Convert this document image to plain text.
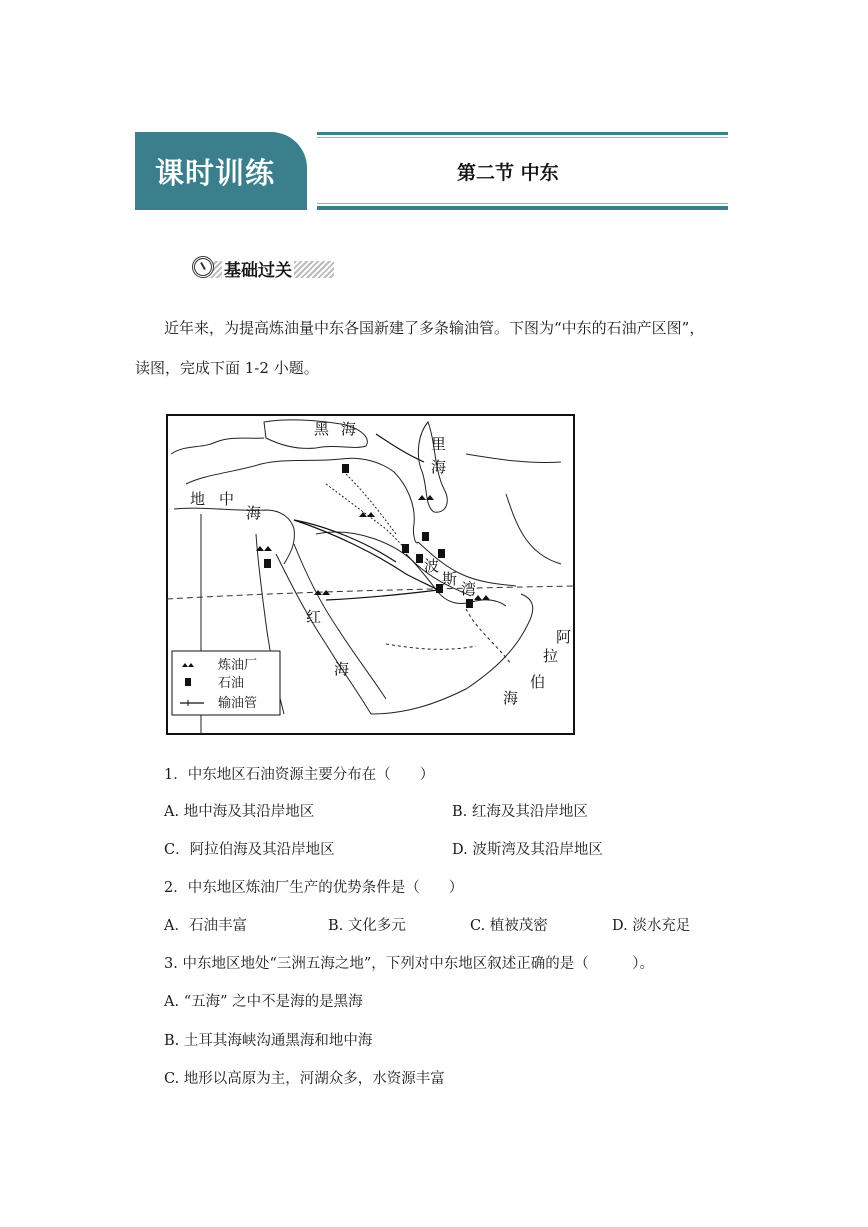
课时训练	第二节 中东
基础过关
近年来，为提高炼油量中东各国新建了多条输油管。下图为“中东的石油产区图”，
读图，完成下面 1-2 小题。
黑 海
里
海
地 中
海
波
斯
湾
红
海
阿
拉
伯
海
炼油厂
石油
输油管
1．中东地区石油资源主要分布在（　　）
A. 地中海及其沿岸地区	B. 红海及其沿岸地区
C．阿拉伯海及其沿岸地区	D. 波斯湾及其沿岸地区
2．中东地区炼油厂生产的优势条件是（　　）
A．石油丰富	B. 文化多元	C. 植被茂密	D. 淡水充足
3. 中东地区地处“三洲五海之地”，下列对中东地区叙述正确的是（　　　）。
A. “五海” 之中不是海的是黑海
B. 土耳其海峡沟通黑海和地中海
C. 地形以高原为主，河湖众多，水资源丰富
